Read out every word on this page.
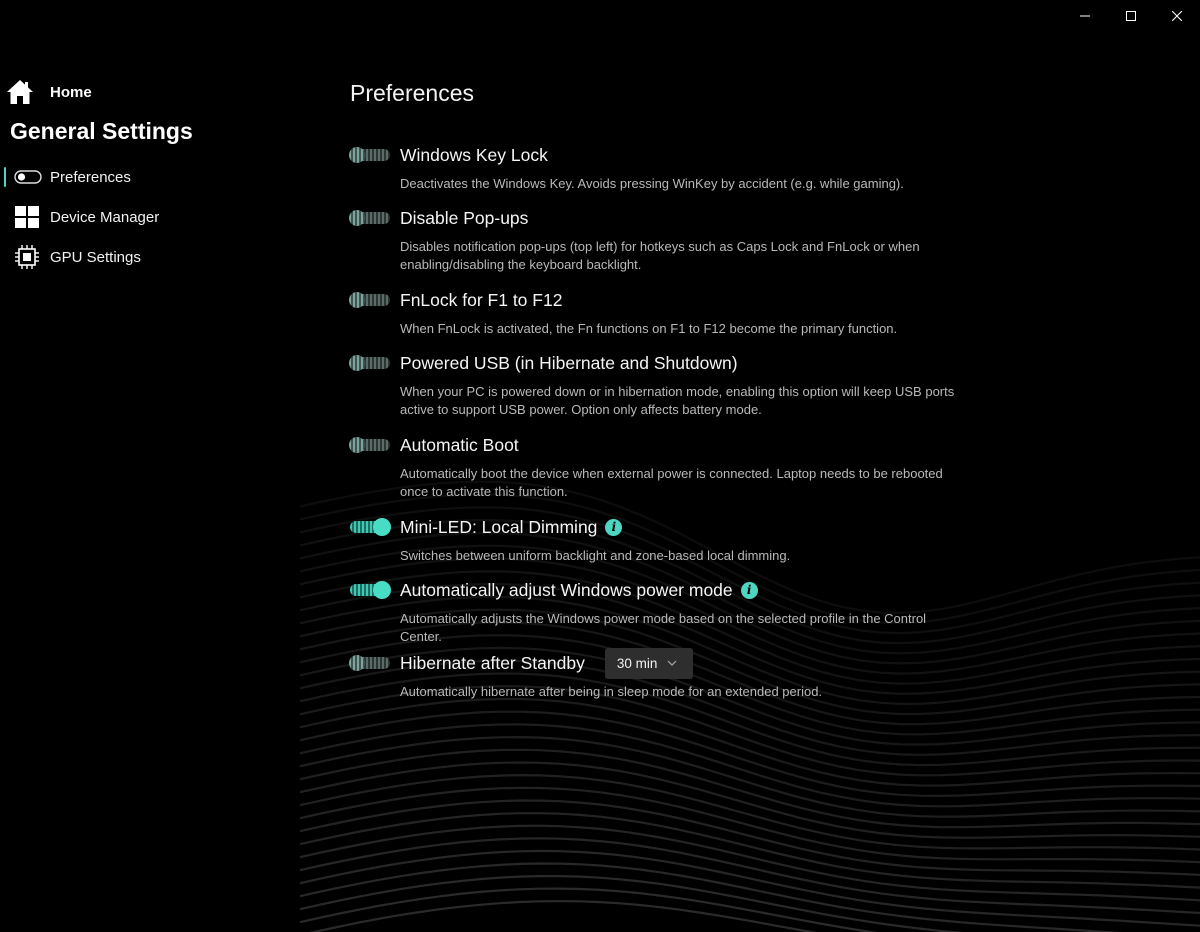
Home
General Settings
Preferences
Device Manager
GPU Settings
Preferences
Windows Key Lock
Deactivates the Windows Key. Avoids pressing WinKey by accident (e.g. while gaming).
Disable Pop-ups
Disables notification pop-ups (top left) for hotkeys such as Caps Lock and FnLock or when enabling/disabling the keyboard backlight.
FnLock for F1 to F12
When FnLock is activated, the Fn functions on F1 to F12 become the primary function.
Powered USB (in Hibernate and Shutdown)
When your PC is powered down or in hibernation mode, enabling this option will keep USB ports active to support USB power. Option only affects battery mode.
Automatic Boot
Automatically boot the device when external power is connected. Laptop needs to be rebooted once to activate this function.
Mini-LED: Local Dimming	i
Switches between uniform backlight and zone-based local dimming.
Automatically adjust Windows power mode	i
Automatically adjusts the Windows power mode based on the selected profile in the Control Center.
Hibernate after Standby 30 min
Automatically hibernate after being in sleep mode for an extended period.
